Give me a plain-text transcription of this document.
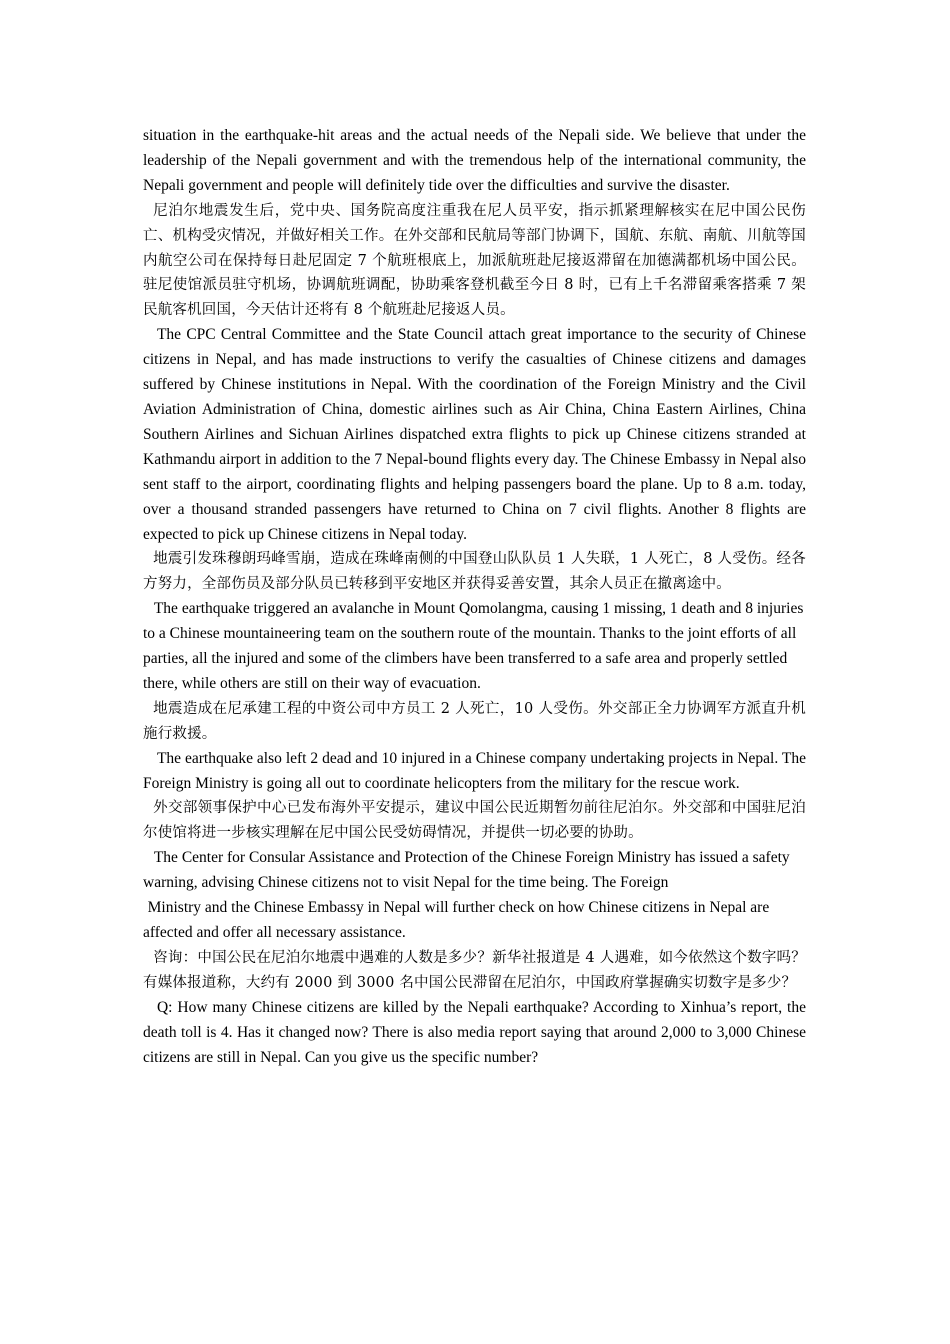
situation in the earthquake-hit areas and the actual needs of the Nepali side. We believe that under the leadership of the Nepali government and with the tremendous help of the international community, the Nepali government and people will definitely tide over the difficulties and survive the disaster.

尼泊尔地震发生后，党中央、国务院高度注重我在尼人员平安，指示抓紧理解核实在尼中国公民伤亡、机构受灾情况，并做好相关工作。在外交部和民航局等部门协调下，国航、东航、南航、川航等国内航空公司在保持每日赴尼固定 7 个航班根底上，加派航班赴尼接返滞留在加德满都机场中国公民。驻尼使馆派员驻守机场，协调航班调配，协助乘客登机截至今日 8 时，已有上千名滞留乘客搭乘 7 架民航客机回国，今天估计还将有 8 个航班赴尼接返人员。

The CPC Central Committee and the State Council attach great importance to the security of Chinese citizens in Nepal, and has made instructions to verify the casualties of Chinese citizens and damages suffered by Chinese institutions in Nepal. With the coordination of the Foreign Ministry and the Civil Aviation Administration of China, domestic airlines such as Air China, China Eastern Airlines, China Southern Airlines and Sichuan Airlines dispatched extra flights to pick up Chinese citizens stranded at Kathmandu airport in addition to the 7 Nepal-bound flights every day. The Chinese Embassy in Nepal also sent staff to the airport, coordinating flights and helping passengers board the plane. Up to 8 a.m. today, over a thousand stranded passengers have returned to China on 7 civil flights. Another 8 flights are expected to pick up Chinese citizens in Nepal today.

地震引发珠穆朗玛峰雪崩，造成在珠峰南侧的中国登山队队员 1 人失联，1 人死亡，8 人受伤。经各方努力，全部伤员及部分队员已转移到平安地区并获得妥善安置，其余人员正在撤离途中。

The earthquake triggered an avalanche in Mount Qomolangma, causing 1 missing, 1 death and 8 injuries to a Chinese mountaineering team on the southern route of the mountain. Thanks to the joint efforts of all parties, all the injured and some of the climbers have been transferred to a safe area and properly settled there, while others are still on their way of evacuation.

地震造成在尼承建工程的中资公司中方员工 2 人死亡，10 人受伤。外交部正全力协调军方派直升机施行救援。

The earthquake also left 2 dead and 10 injured in a Chinese company undertaking projects in Nepal. The Foreign Ministry is going all out to coordinate helicopters from the military for the rescue work.

外交部领事保护中心已发布海外平安提示，建议中国公民近期暂勿前往尼泊尔。外交部和中国驻尼泊尔使馆将进一步核实理解在尼中国公民受妨碍情况，并提供一切必要的协助。

The Center for Consular Assistance and Protection of the Chinese Foreign Ministry has issued a safety warning, advising Chinese citizens not to visit Nepal for the time being. The Foreign

Ministry and the Chinese Embassy in Nepal will further check on how Chinese citizens in Nepal are affected and offer all necessary assistance.

咨询：中国公民在尼泊尔地震中遇难的人数是多少？新华社报道是 4 人遇难，如今依然这个数字吗？有媒体报道称，大约有 2000 到 3000 名中国公民滞留在尼泊尔，中国政府掌握确实切数字是多少？

Q: How many Chinese citizens are killed by the Nepali earthquake? According to Xinhua’s report, the death toll is 4. Has it changed now? There is also media report saying that around 2,000 to 3,000 Chinese citizens are still in Nepal. Can you give us the specific number?
